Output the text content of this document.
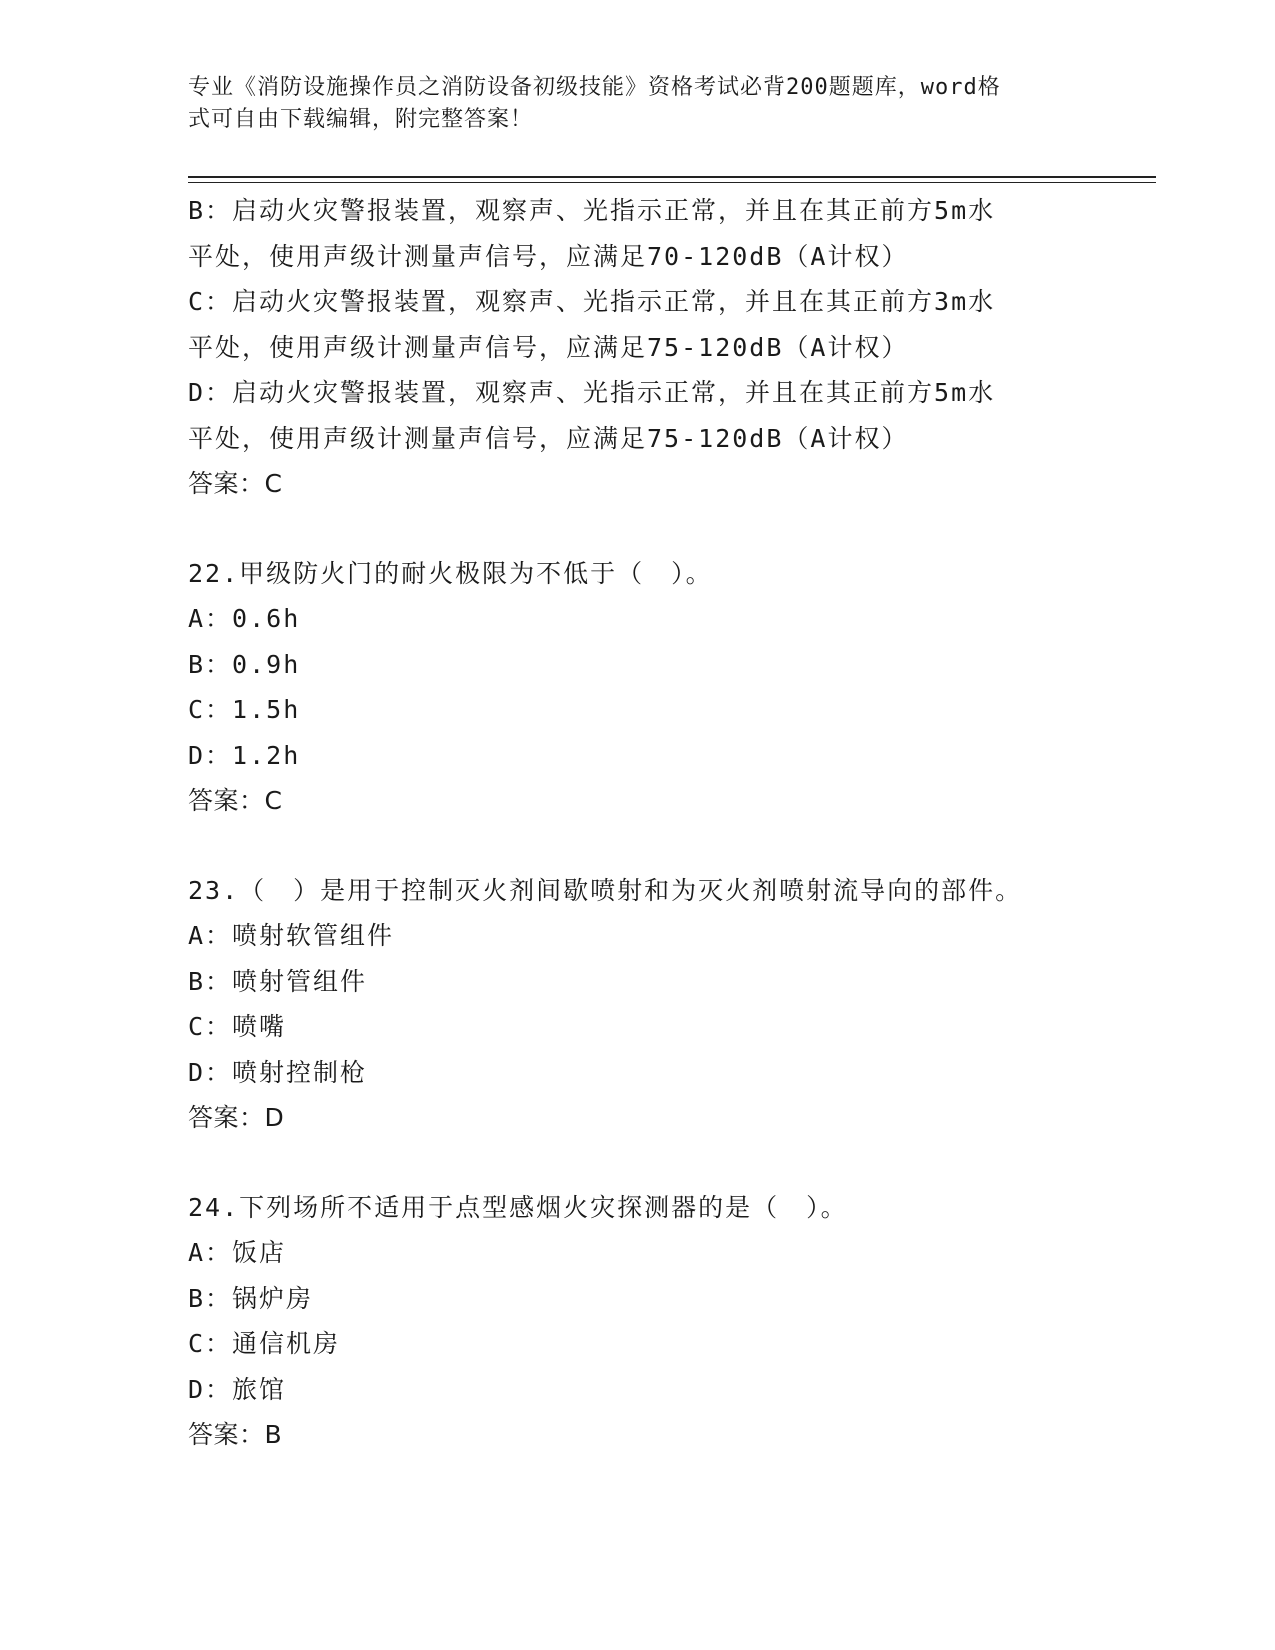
专业《消防设施操作员之消防设备初级技能》资格考试必背200题题库，word格
式可自由下载编辑，附完整答案！
B：启动火灾警报装置，观察声、光指示正常，并且在其正前方5m水
平处，使用声级计测量声信号，应满足70-120dB（A计权）
C：启动火灾警报装置，观察声、光指示正常，并且在其正前方3m水
平处，使用声级计测量声信号，应满足75-120dB（A计权）
D：启动火灾警报装置，观察声、光指示正常，并且在其正前方5m水
平处，使用声级计测量声信号，应满足75-120dB（A计权）
答案：C
22.甲级防火门的耐火极限为不低于（　）。
A：0.6h
B：0.9h
C：1.5h
D：1.2h
答案：C
23.（　）是用于控制灭火剂间歇喷射和为灭火剂喷射流导向的部件。
A：喷射软管组件
B：喷射管组件
C：喷嘴
D：喷射控制枪
答案：D
24.下列场所不适用于点型感烟火灾探测器的是（　）。
A：饭店
B：锅炉房
C：通信机房
D：旅馆
答案：B
